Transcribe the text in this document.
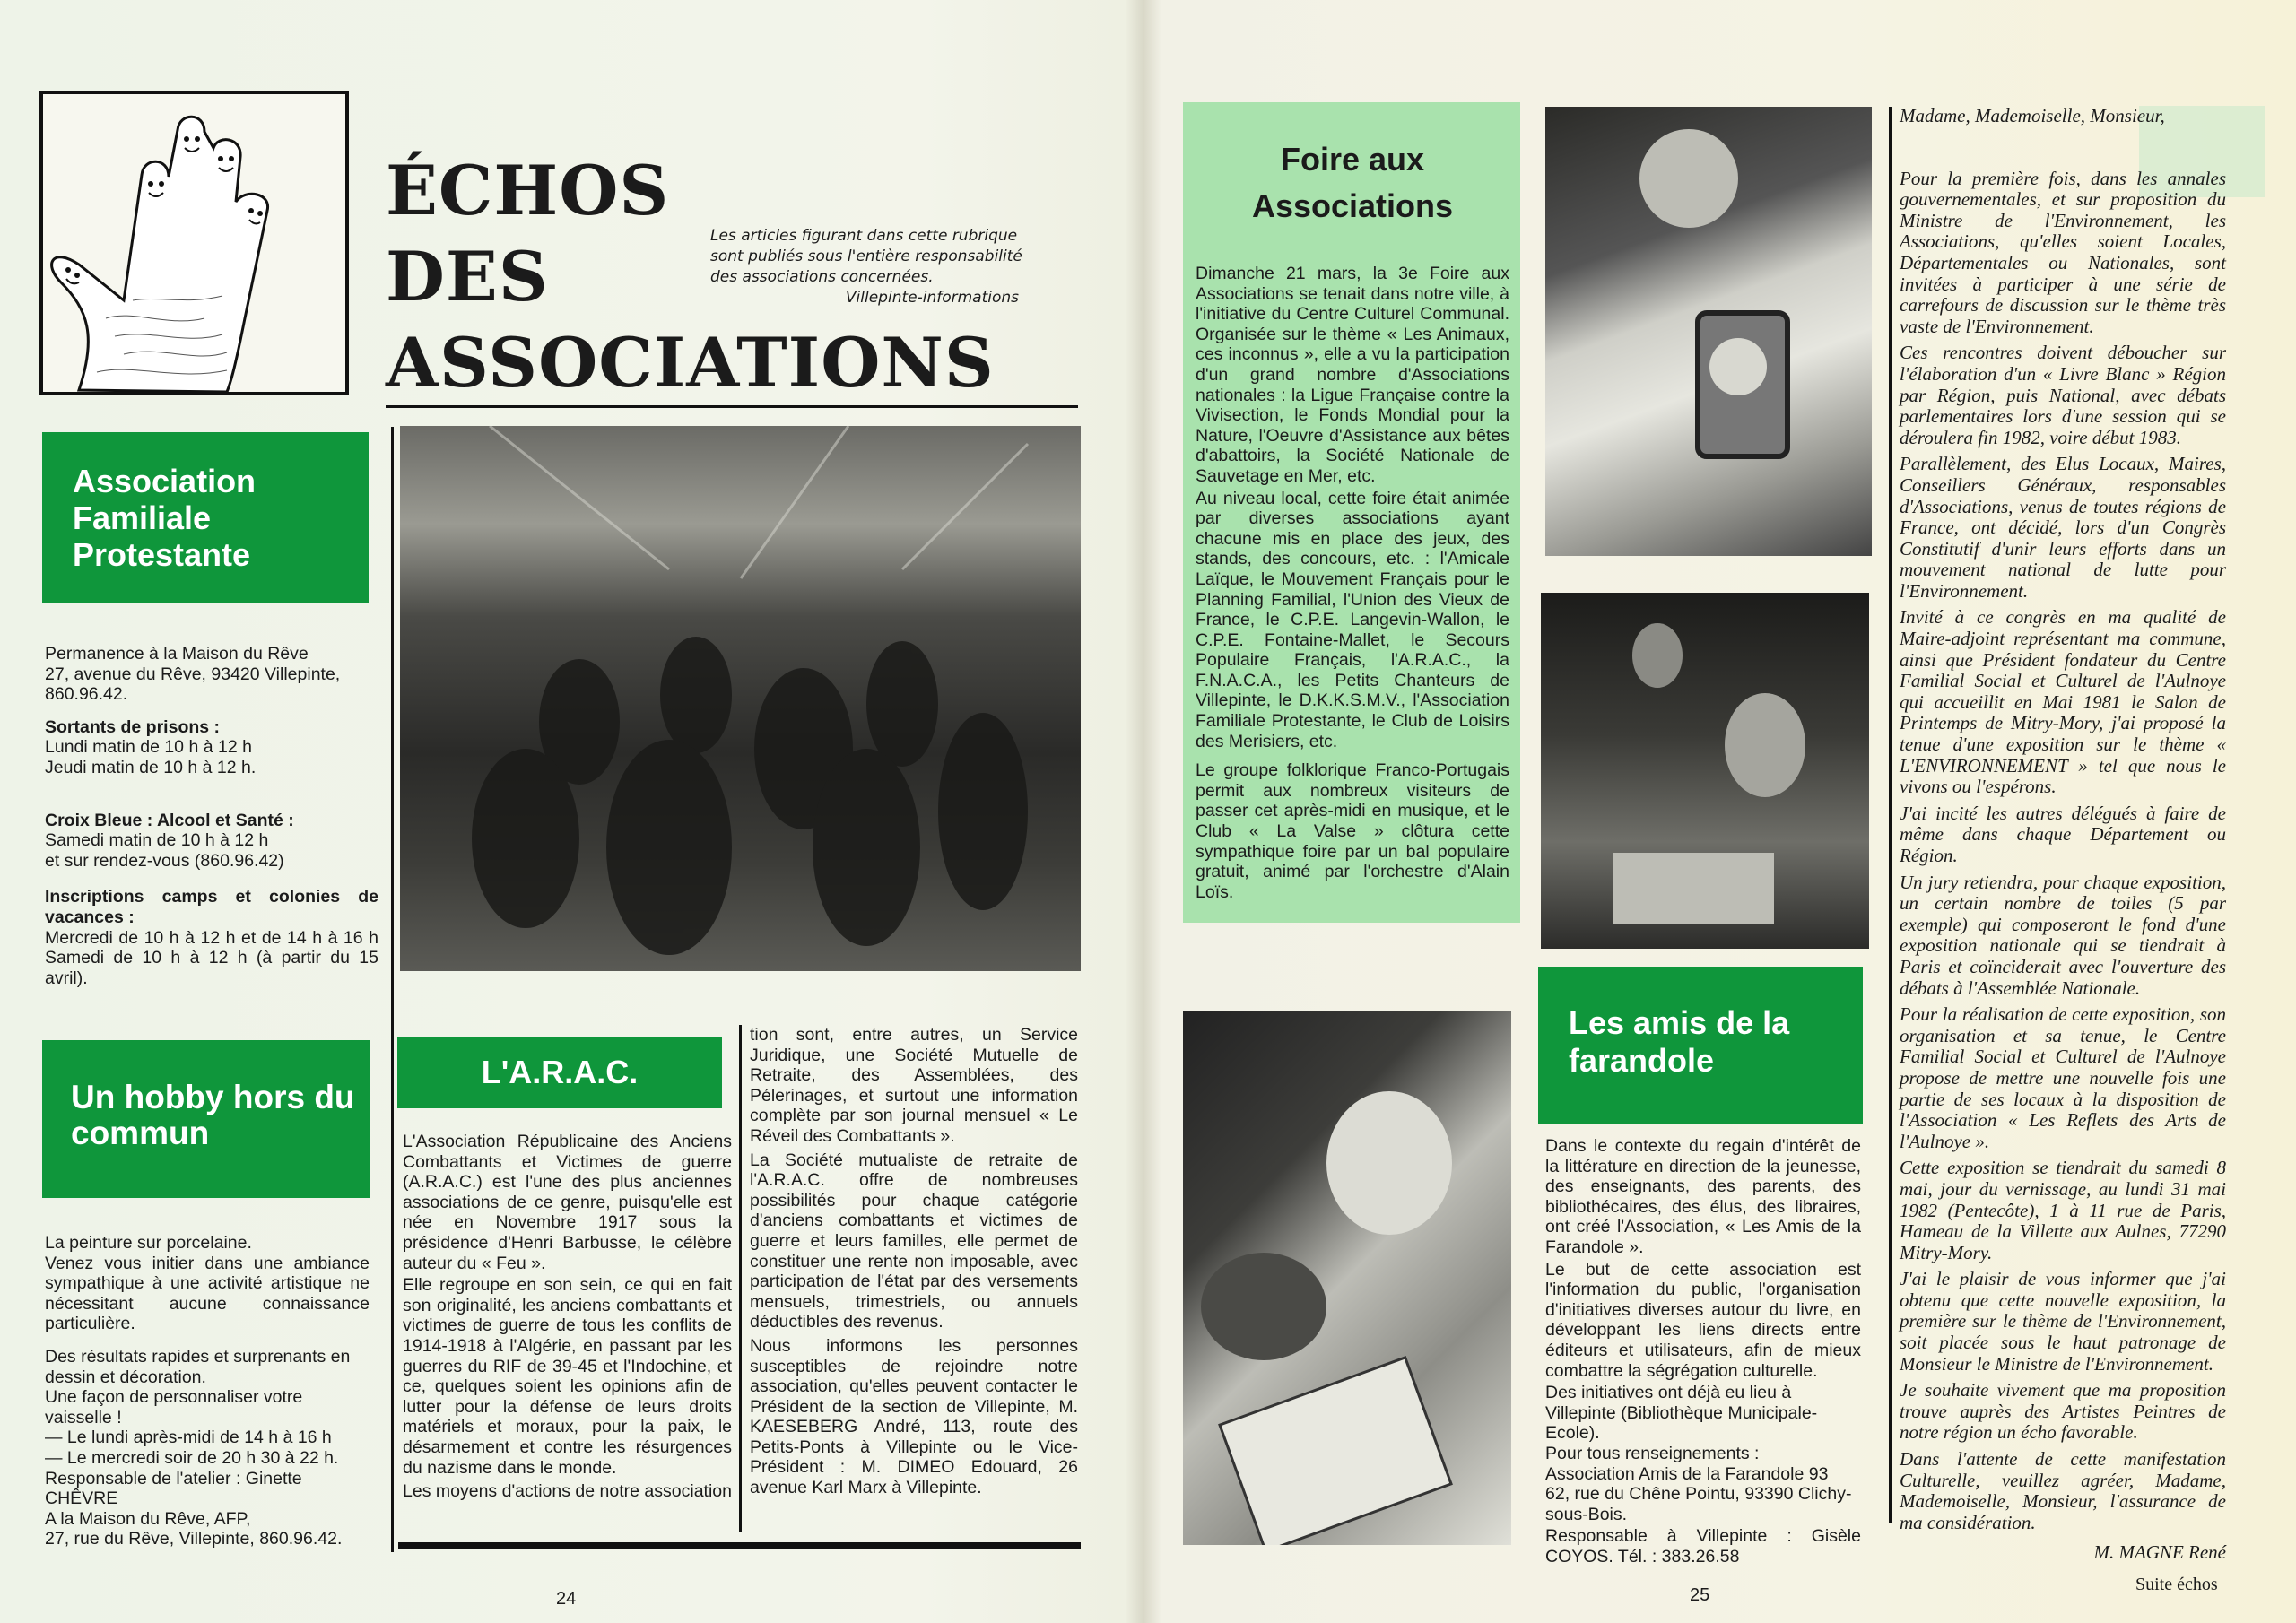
ÉCHOS
DES
ASSOCIATIONS

Les articles figurant dans cette rubrique sont publiés sous l'entière responsabilité des associations concernées.

Villepinte-informations

Association Familiale Protestante

Permanence à la Maison du Rêve
27, avenue du Rêve, 93420 Villepinte,
860.96.42.

Sortants de prisons :

Lundi matin de 10 h à 12 h
Jeudi matin de 10 h à 12 h.

Croix Bleue : Alcool et Santé :

Samedi matin de 10 h à 12 h
et sur rendez-vous (860.96.42)

Inscriptions camps et colonies de vacances :

Mercredi de 10 h à 12 h et de 14 h à 16 h Samedi de 10 h à 12 h (à partir du 15 avril).

Un hobby hors du commun

La peinture sur porcelaine.
Venez vous initier dans une ambiance sympathique à une activité artistique ne nécessitant aucune connaissance particulière.

Des résultats rapides et surprenants en dessin et décoration.
Une façon de personnaliser votre vaisselle !
— Le lundi après-midi de 14 h à 16 h
— Le mercredi soir de 20 h 30 à 22 h.
Responsable de l'atelier : Ginette CHÊVRE
A la Maison du Rêve, AFP,
27, rue du Rêve, Villepinte, 860.96.42.

L'A.R.A.C.

L'Association Républicaine des Anciens Combattants et Victimes de guerre (A.R.A.C.) est l'une des plus anciennes associations de ce genre, puisqu'elle est née en Novembre 1917 sous la présidence d'Henri Barbusse, le célèbre auteur du « Feu ».

Elle regroupe en son sein, ce qui en fait son originalité, les anciens combattants et victimes de guerre de tous les conflits de 1914-1918 à l'Algérie, en passant par les guerres du RIF de 39-45 et l'Indochine, et ce, quelques soient les opinions afin de lutter pour la défense de leurs droits matériels et moraux, pour la paix, le désarmement et contre les résurgences du nazisme dans le monde.

Les moyens d'actions de notre association

tion sont, entre autres, un Service Juridique, une Société Mutuelle de Retraite, des Assemblées, des Pélerinages, et surtout une information complète par son journal mensuel « Le Réveil des Combattants ».

La Société mutualiste de retraite de l'A.R.A.C. offre de nombreuses possibilités pour chaque catégorie d'anciens combattants et victimes de guerre et leurs familles, elle permet de constituer une rente non imposable, avec participation de l'état par des versements mensuels, trimestriels, ou annuels déductibles des revenus.

Nous informons les personnes susceptibles de rejoindre notre association, qu'elles peuvent contacter le Président de la section de Villepinte, M. KAESEBERG André, 113, route des Petits-Ponts à Villepinte ou le Vice-Président : M. DIMEO Edouard, 26 avenue Karl Marx à Villepinte.

24
Foire aux Associations

Dimanche 21 mars, la 3e Foire aux Associations se tenait dans notre ville, à l'initiative du Centre Culturel Communal. Organisée sur le thème « Les Animaux, ces inconnus », elle a vu la participation d'un grand nombre d'Associations nationales : la Ligue Française contre la Vivisection, le Fonds Mondial pour la Nature, l'Oeuvre d'Assistance aux bêtes d'abattoirs, la Société Nationale de Sauvetage en Mer, etc.

Au niveau local, cette foire était animée par diverses associations ayant chacune mis en place des jeux, des stands, des concours, etc. : l'Amicale Laïque, le Mouvement Français pour le Planning Familial, l'Union des Vieux de France, le C.P.E. Langevin-Wallon, le C.P.E. Fontaine-Mallet, le Secours Populaire Français, l'A.R.A.C., la F.N.A.C.A., les Petits Chanteurs de Villepinte, le D.K.K.S.M.V., l'Association Familiale Protestante, le Club de Loisirs des Merisiers, etc.

Le groupe folklorique Franco-Portugais permit aux nombreux visiteurs de passer cet après-midi en musique, et le Club « La Valse » clôtura cette sympathique foire par un bal populaire gratuit, animé par l'orchestre d'Alain Loïs.

Les amis de la farandole

Dans le contexte du regain d'intérêt de la littérature en direction de la jeunesse, des enseignants, des parents, des bibliothécaires, des élus, des libraires, ont créé l'Association, « Les Amis de la Farandole ».

Le but de cette association est l'information du public, l'organisation d'initiatives diverses autour du livre, en développant les liens directs entre éditeurs et utilisateurs, afin de mieux combattre la ségrégation culturelle.

Des initiatives ont déjà eu lieu à Villepinte (Bibliothèque Municipale-Ecole).
Pour tous renseignements :
Association Amis de la Farandole 93
62, rue du Chêne Pointu, 93390 Clichy-sous-Bois.

Responsable à Villepinte : Gisèle COYOS. Tél. : 383.26.58

Madame, Mademoiselle, Monsieur,

Pour la première fois, dans les annales gouvernementales, et sur proposition du Ministre de l'Environnement, les Associations, qu'elles soient Locales, Départementales ou Nationales, sont invitées à participer à une série de carrefours de discussion sur le thème très vaste de l'Environnement.

Ces rencontres doivent déboucher sur l'élaboration d'un « Livre Blanc » Région par Région, puis National, avec débats parlementaires lors d'une session qui se déroulera fin 1982, voire début 1983.

Parallèlement, des Elus Locaux, Maires, Conseillers Généraux, responsables d'Associations, venus de toutes régions de France, ont décidé, lors d'un Congrès Constitutif d'unir leurs efforts dans un mouvement national de lutte pour l'Environnement.

Invité à ce congrès en ma qualité de Maire-adjoint représentant ma commune, ainsi que Président fondateur du Centre Familial Social et Culturel de l'Aulnoye qui accueillit en Mai 1981 le Salon de Printemps de Mitry-Mory, j'ai proposé la tenue d'une exposition sur le thème « L'ENVIRONNEMENT » tel que nous le vivons ou l'espérons.

J'ai incité les autres délégués à faire de même dans chaque Département ou Région.

Un jury retiendra, pour chaque exposition, un certain nombre de toiles (5 par exemple) qui composeront le fond d'une exposition nationale qui se tiendrait à Paris et coïnciderait avec l'ouverture des débats à l'Assemblée Nationale.

Pour la réalisation de cette exposition, son organisation et sa tenue, le Centre Familial Social et Culturel de l'Aulnoye propose de mettre une nouvelle fois une partie de ses locaux à la disposition de l'Association « Les Reflets des Arts de l'Aulnoye ».

Cette exposition se tiendrait du samedi 8 mai, jour du vernissage, au lundi 31 mai 1982 (Pentecôte), 1 à 11 rue de Paris, Hameau de la Villette aux Aulnes, 77290 Mitry-Mory.

J'ai le plaisir de vous informer que j'ai obtenu que cette nouvelle exposition, la première sur le thème de l'Environnement, soit placée sous le haut patronage de Monsieur le Ministre de l'Environnement.

Je souhaite vivement que ma proposition trouve auprès des Artistes Peintres de notre région un écho favorable.

Dans l'attente de cette manifestation Culturelle, veuillez agréer, Madame, Mademoiselle, Monsieur, l'assurance de ma considération.

M. MAGNE René

25
Suite échos
